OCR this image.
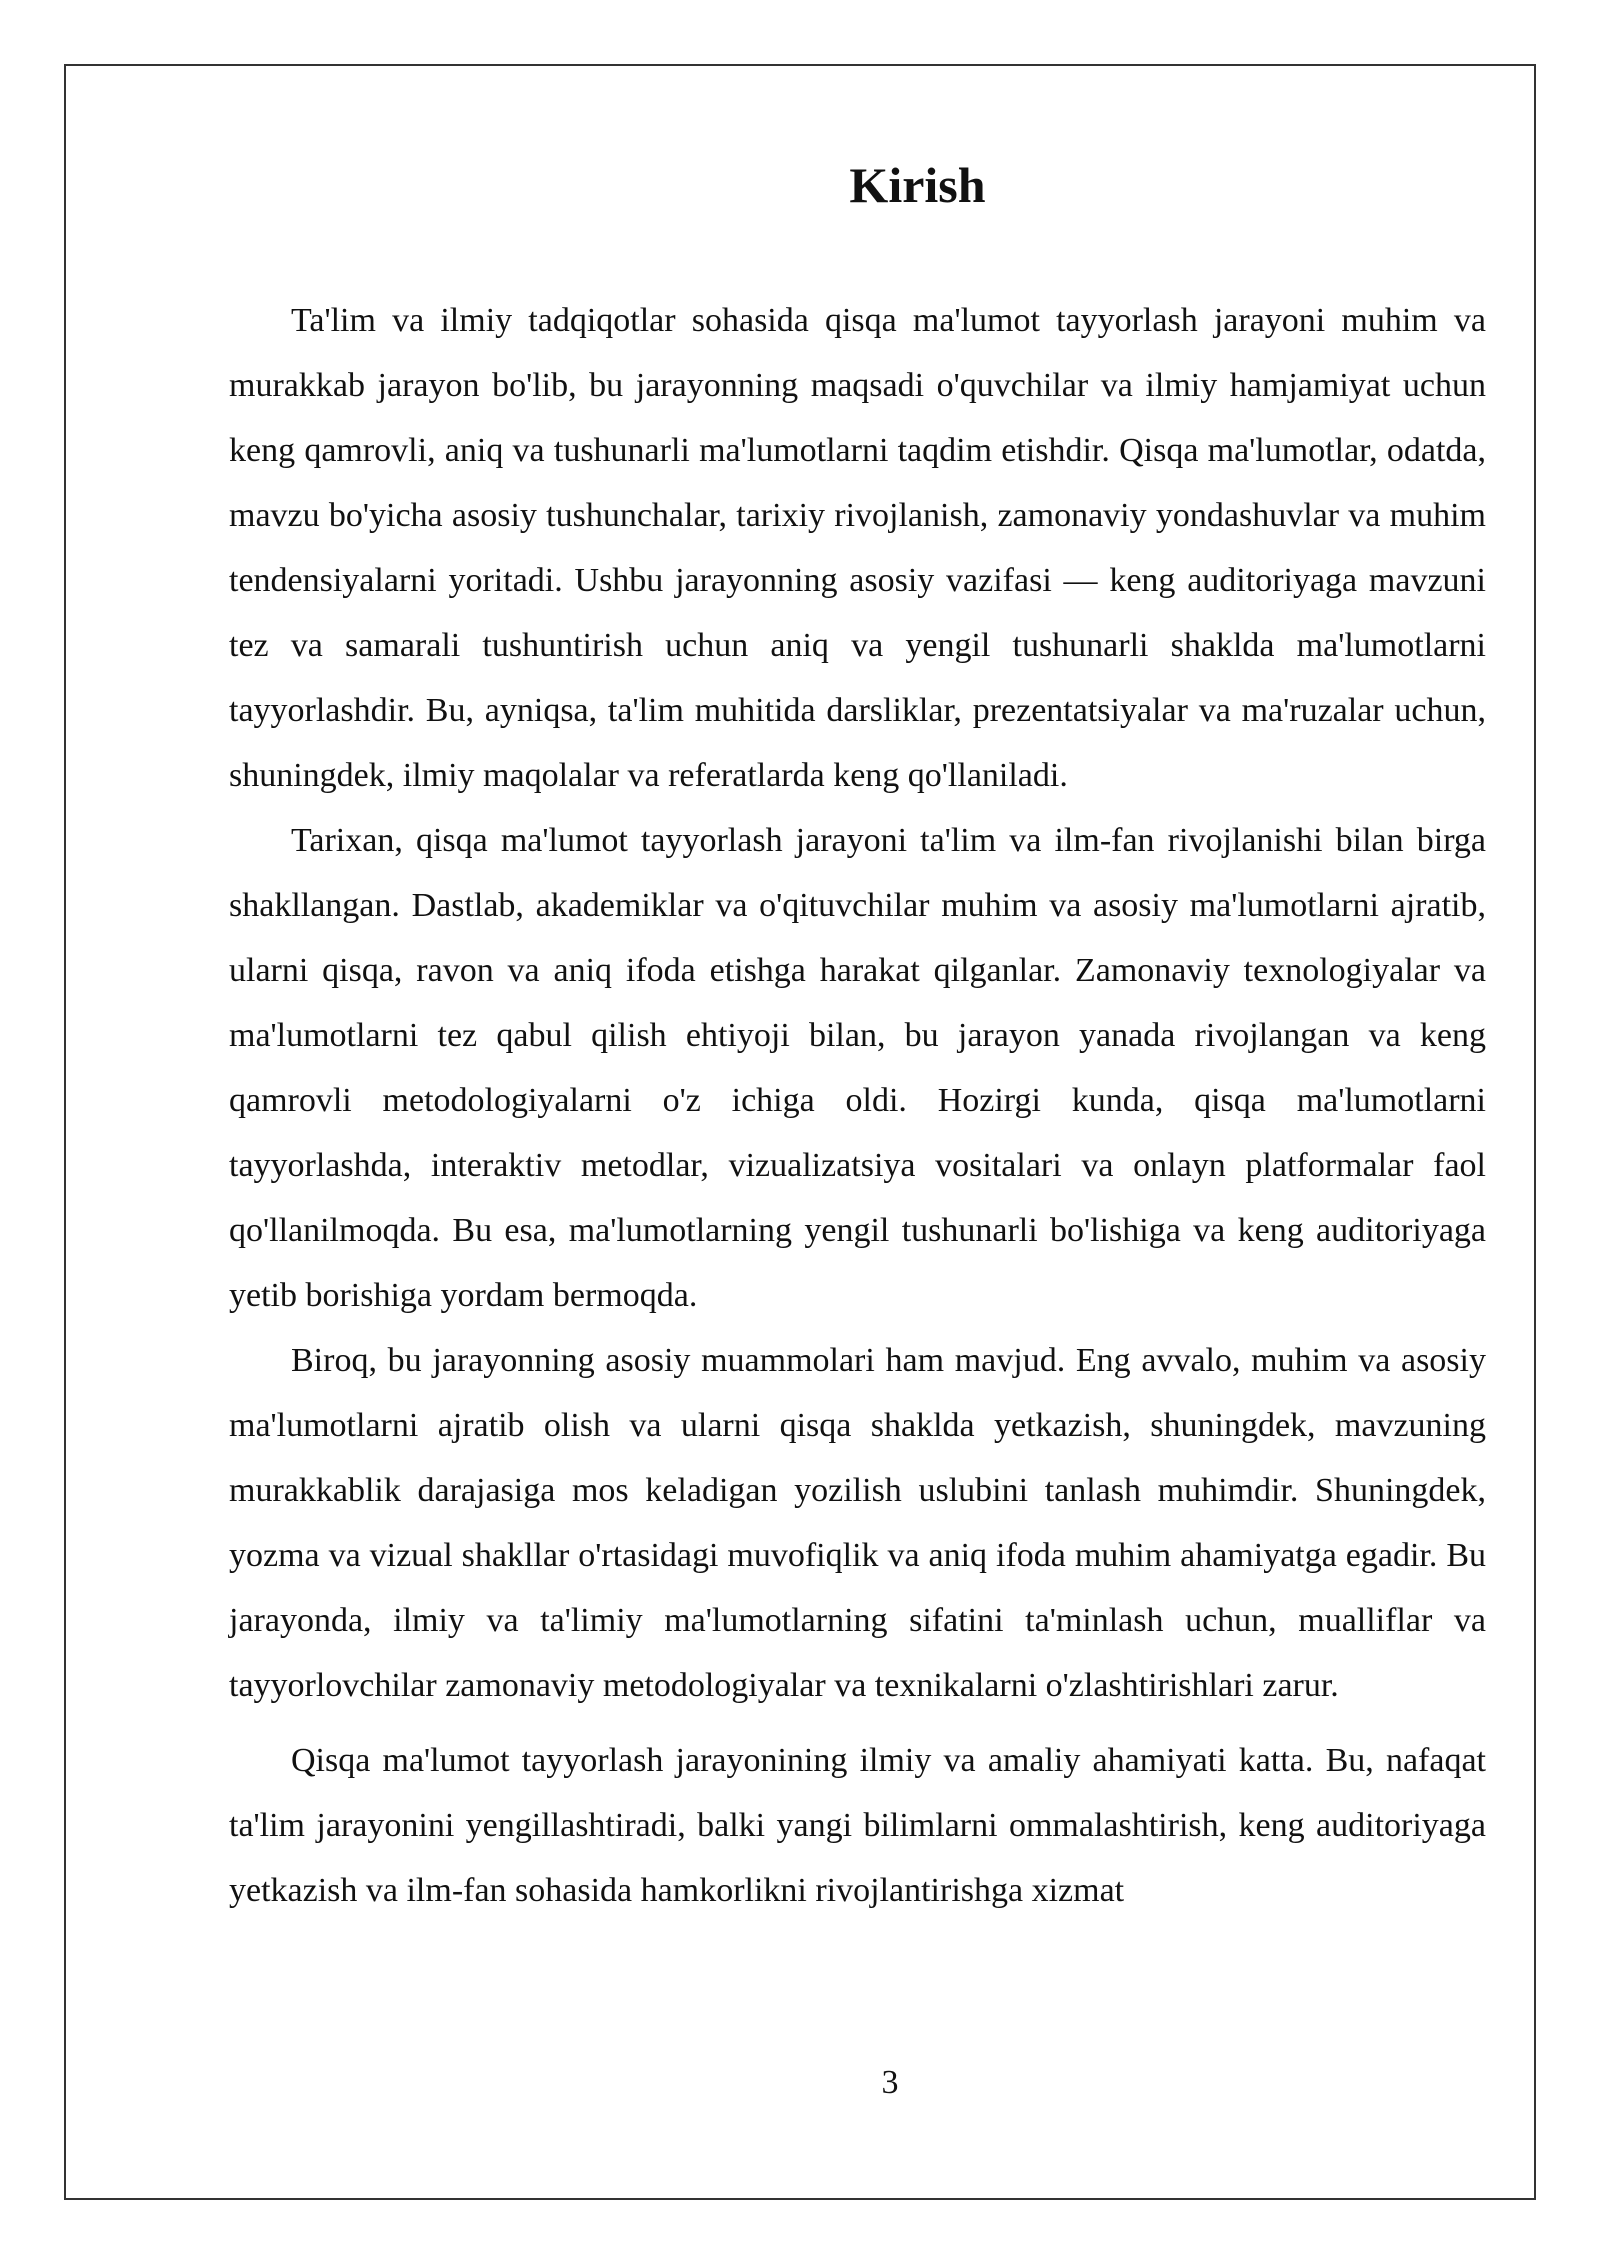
Kirish

Ta'lim va ilmiy tadqiqotlar sohasida qisqa ma'lumot tayyorlash jarayoni muhim va murakkab jarayon bo'lib, bu jarayonning maqsadi o'quvchilar va ilmiy hamjamiyat uchun keng qamrovli, aniq va tushunarli ma'lumotlarni taqdim etishdir. Qisqa ma'lumotlar, odatda, mavzu bo'yicha asosiy tushunchalar, tarixiy rivojlanish, zamonaviy yondashuvlar va muhim tendensiyalarni yoritadi. Ushbu jarayonning asosiy vazifasi — keng auditoriyaga mavzuni tez va samarali tushuntirish uchun aniq va yengil tushunarli shaklda ma'lumotlarni tayyorlashdir. Bu, ayniqsa, ta'lim muhitida darsliklar, prezentatsiyalar va ma'ruzalar uchun, shuningdek, ilmiy maqolalar va referatlarda keng qo'llaniladi.

Tarixan, qisqa ma'lumot tayyorlash jarayoni ta'lim va ilm-fan rivojlanishi bilan birga shakllangan. Dastlab, akademiklar va o'qituvchilar muhim va asosiy ma'lumotlarni ajratib, ularni qisqa, ravon va aniq ifoda etishga harakat qilganlar. Zamonaviy texnologiyalar va ma'lumotlarni tez qabul qilish ehtiyoji bilan, bu jarayon yanada rivojlangan va keng qamrovli metodologiyalarni o'z ichiga oldi. Hozirgi kunda, qisqa ma'lumotlarni tayyorlashda, interaktiv metodlar, vizualizatsiya vositalari va onlayn platformalar faol qo'llanilmoqda. Bu esa, ma'lumotlarning yengil tushunarli bo'lishiga va keng auditoriyaga yetib borishiga yordam bermoqda.

Biroq, bu jarayonning asosiy muammolari ham mavjud. Eng avvalo, muhim va asosiy ma'lumotlarni ajratib olish va ularni qisqa shaklda yetkazish, shuningdek, mavzuning murakkablik darajasiga mos keladigan yozilish uslubini tanlash muhimdir. Shuningdek, yozma va vizual shakllar o'rtasidagi muvofiqlik va aniq ifoda muhim ahamiyatga egadir. Bu jarayonda, ilmiy va ta'limiy ma'lumotlarning sifatini ta'minlash uchun, mualliflar va tayyorlovchilar zamonaviy metodologiyalar va texnikalarni o'zlashtirishlari zarur.

Qisqa ma'lumot tayyorlash jarayonining ilmiy va amaliy ahamiyati katta. Bu, nafaqat ta'lim jarayonini yengillashtiradi, balki yangi bilimlarni ommalashtirish, keng auditoriyaga yetkazish va ilm-fan sohasida hamkorlikni rivojlantirishga xizmat

3
